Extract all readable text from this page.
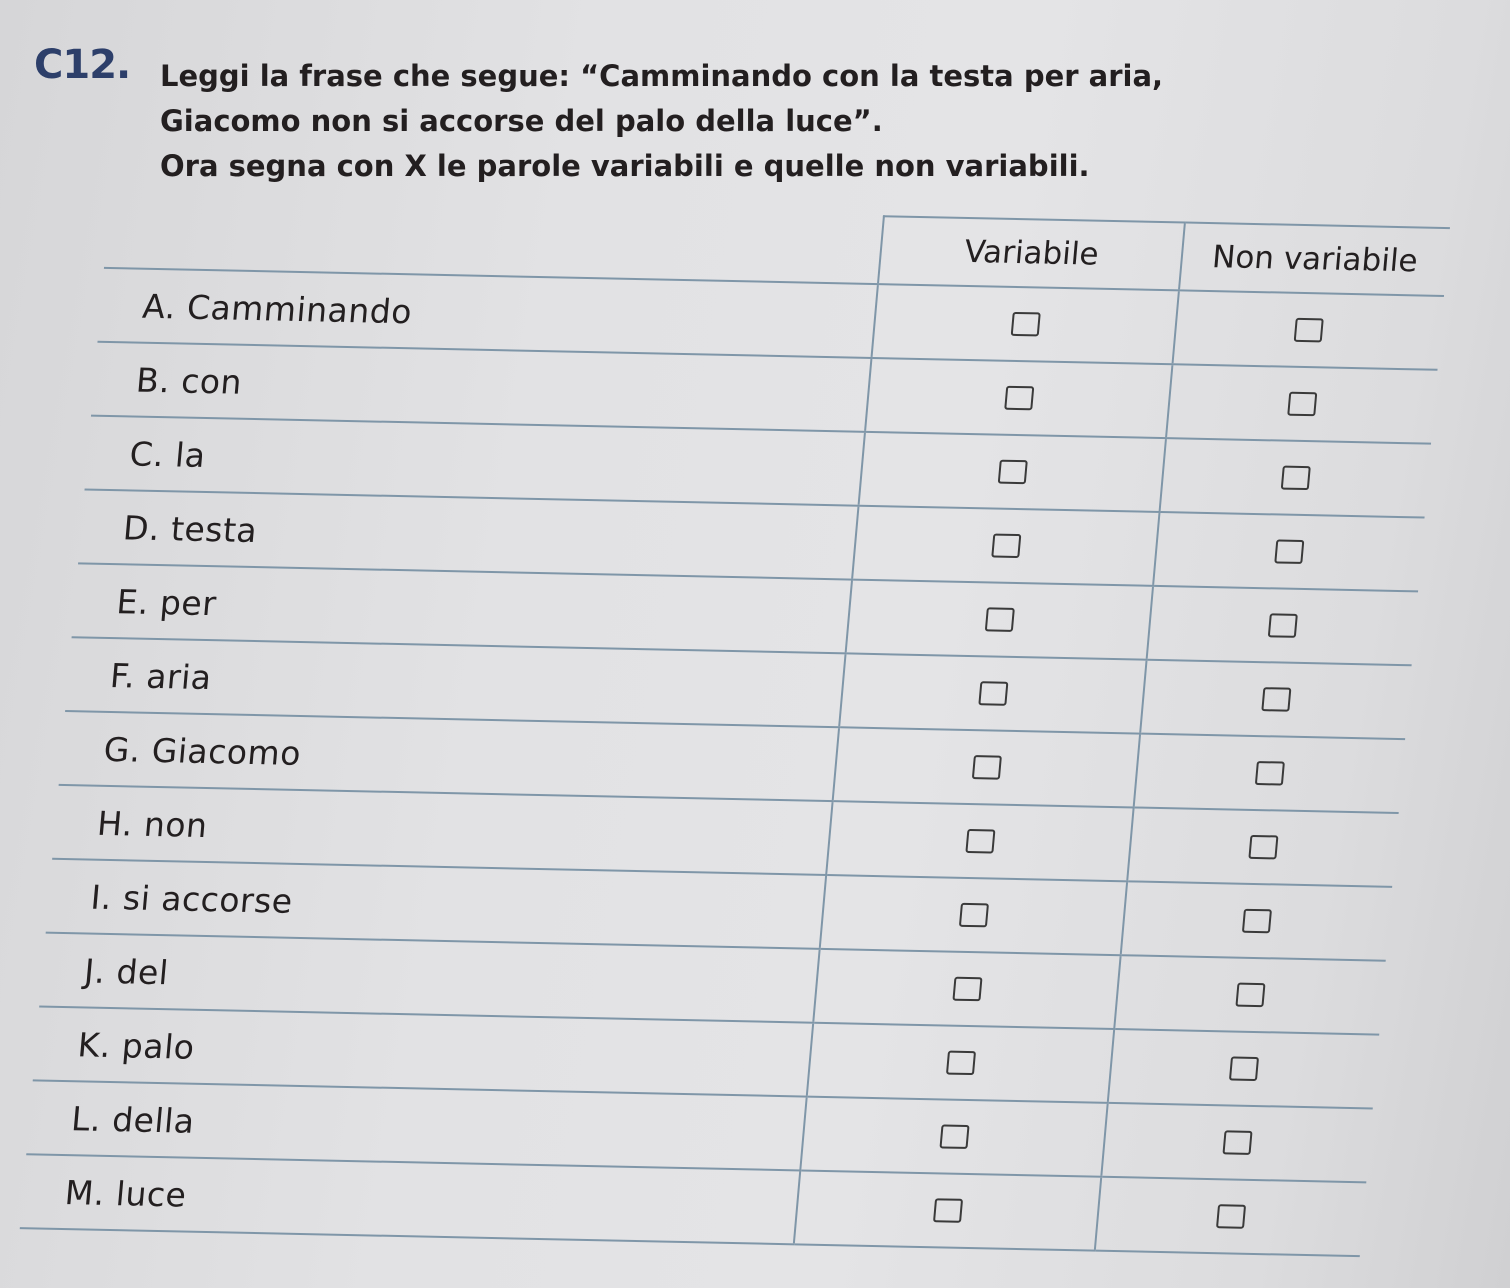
C12. Leggi la frase che segue: “Camminando con la testa per aria,
Giacomo non si accorse del palo della luce”.
Ora segna con X le parole variabili e quelle non variabili.
	Variabile	Non variabile
A. Camminando		
B. con		
C. la		
D. testa		
E. per		
F. aria		
G. Giacomo		
H. non		
I. si accorse		
J. del		
K. palo		
L. della		
M. luce		
